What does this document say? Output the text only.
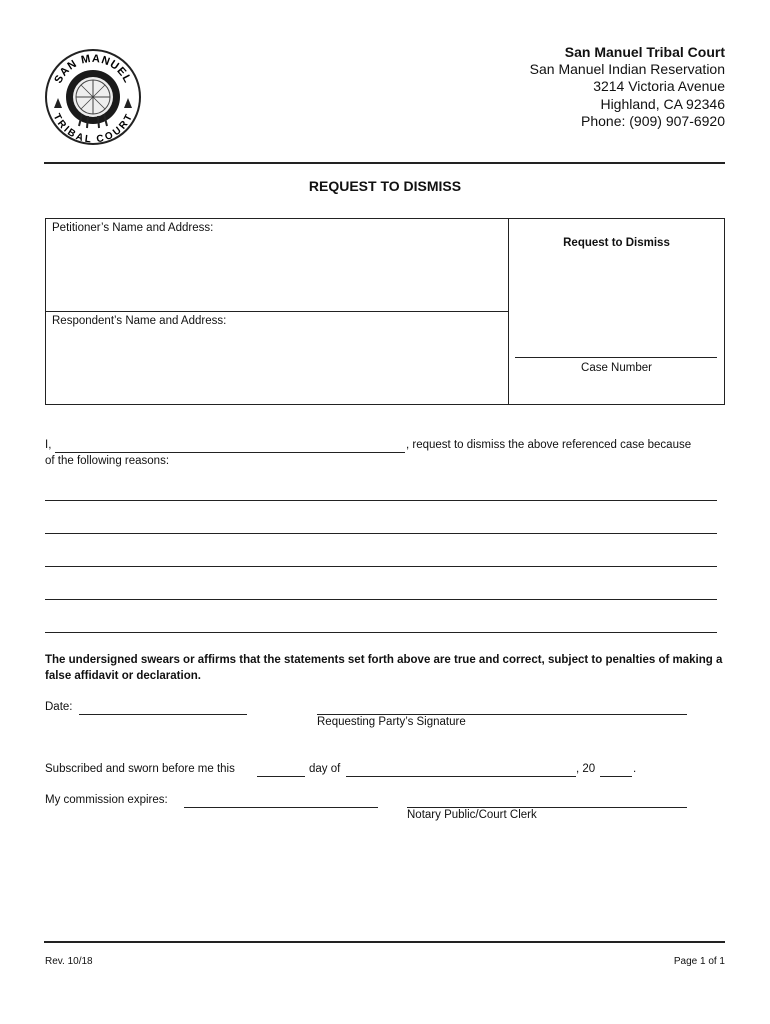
SAN MANUEL
TRIBAL COURT
San Manuel Tribal Court
San Manuel Indian Reservation
3214 Victoria Avenue
Highland, CA 92346
Phone: (909) 907-6920
REQUEST TO DISMISS
Petitioner’s Name and Address:
Respondent’s Name and Address:
Request to Dismiss
Case Number
I,	, request to dismiss the above referenced case because
of the following reasons:
The undersigned swears or affirms that the statements set forth above are true and correct, subject to penalties of making a false affidavit or declaration.
Date:
Requesting Party’s Signature
Subscribed and sworn before me this	day of	, 20	.
My commission expires:
Notary Public/Court Clerk
Rev. 10/18	Page 1 of 1
